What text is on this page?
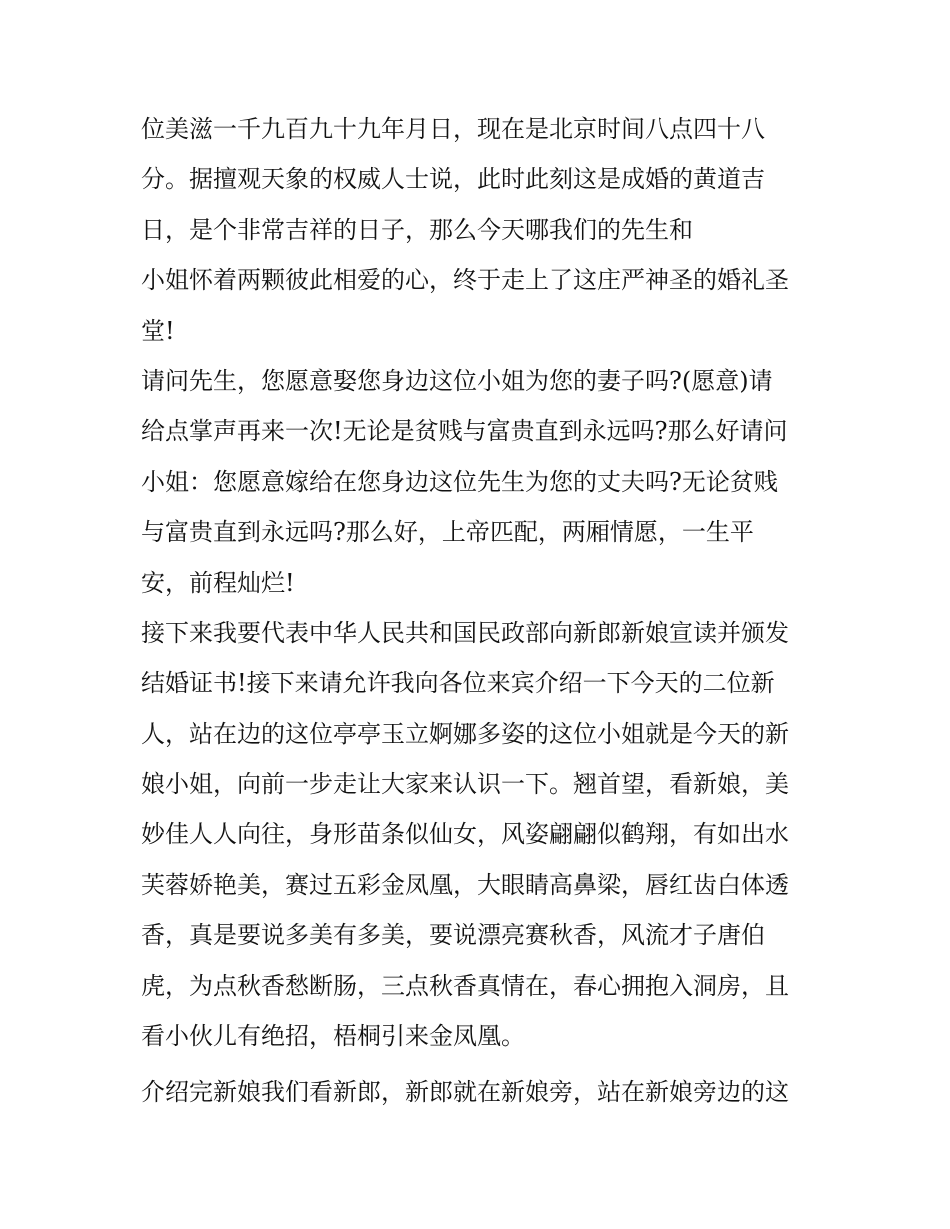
位美滋一千九百九十九年月日，现在是北京时间八点四十八
分。据擅观天象的权威人士说，此时此刻这是成婚的黄道吉
日，是个非常吉祥的日子，那么今天哪我们的先生和
小姐怀着两颗彼此相爱的心，终于走上了这庄严神圣的婚礼圣
堂!
请问先生，您愿意娶您身边这位小姐为您的妻子吗?(愿意)请
给点掌声再来一次!无论是贫贱与富贵直到永远吗?那么好请问
小姐：您愿意嫁给在您身边这位先生为您的丈夫吗?无论贫贱
与富贵直到永远吗?那么好，上帝匹配，两厢情愿，一生平
安，前程灿烂!
接下来我要代表中华人民共和国民政部向新郎新娘宣读并颁发
结婚证书!接下来请允许我向各位来宾介绍一下今天的二位新
人，站在边的这位亭亭玉立婀娜多姿的这位小姐就是今天的新
娘小姐，向前一步走让大家来认识一下。翘首望，看新娘，美
妙佳人人向往，身形苗条似仙女，风姿翩翩似鹤翔，有如出水
芙蓉娇艳美，赛过五彩金凤凰，大眼睛高鼻梁，唇红齿白体透
香，真是要说多美有多美，要说漂亮赛秋香，风流才子唐伯
虎，为点秋香愁断肠，三点秋香真情在，春心拥抱入洞房，且
看小伙儿有绝招，梧桐引来金凤凰。
介绍完新娘我们看新郎，新郎就在新娘旁，站在新娘旁边的这
